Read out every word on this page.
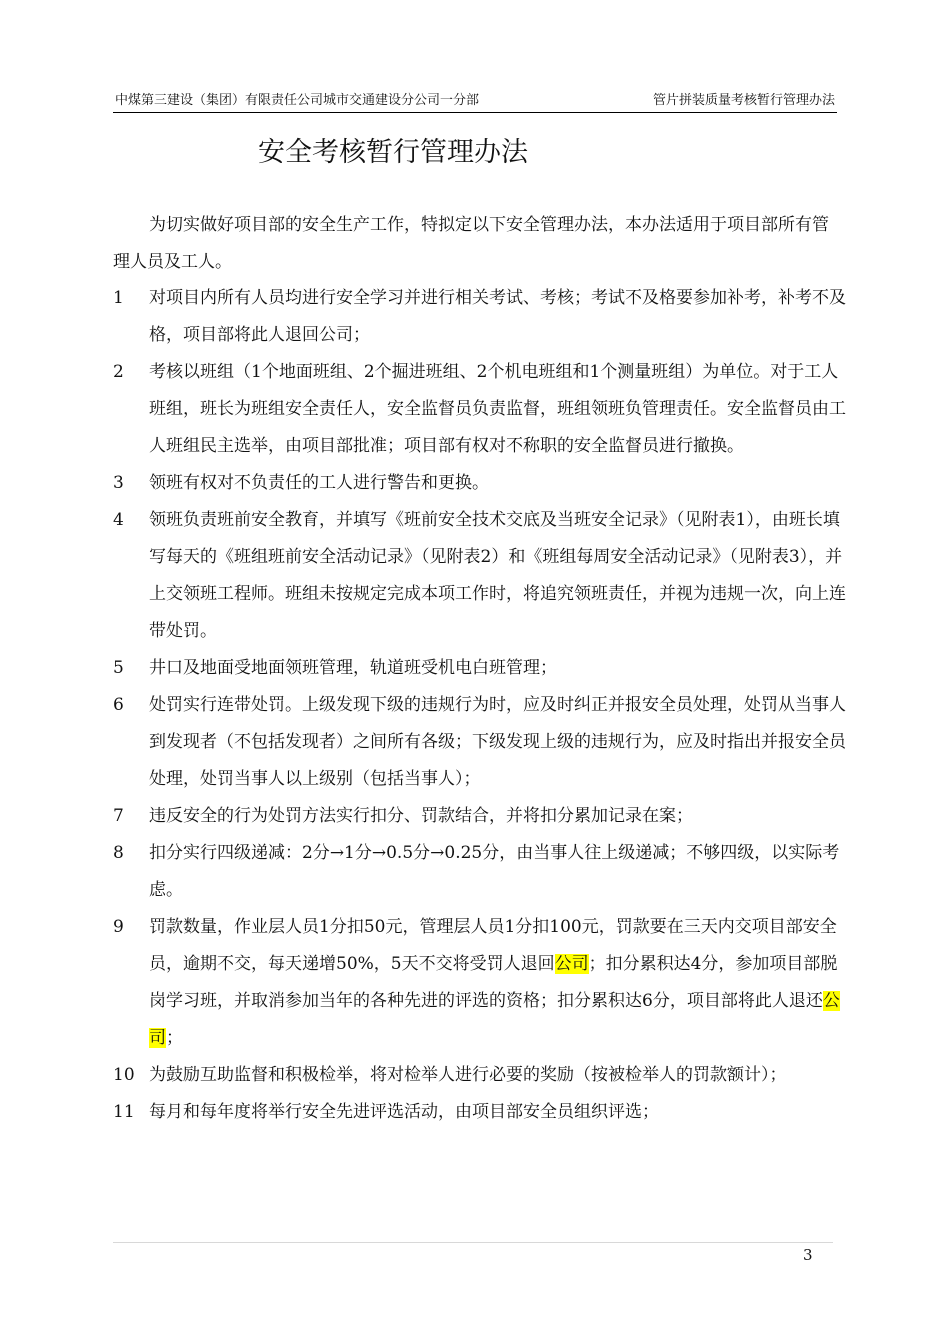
中煤第三建设（集团）有限责任公司城市交通建设分公司一分部	管片拼装质量考核暂行管理办法
安全考核暂行管理办法

为切实做好项目部的安全生产工作，特拟定以下安全管理办法，本办法适用于项目部所有管理人员及工人。

1	对项目内所有人员均进行安全学习并进行相关考试、考核；考试不及格要参加补考，补考不及格，项目部将此人退回公司；
2	考核以班组（1个地面班组、2个掘进班组、2个机电班组和1个测量班组）为单位。对于工人班组，班长为班组安全责任人，安全监督员负责监督，班组领班负管理责任。安全监督员由工人班组民主选举，由项目部批准；项目部有权对不称职的安全监督员进行撤换。
3	领班有权对不负责任的工人进行警告和更换。
4	领班负责班前安全教育，并填写《班前安全技术交底及当班安全记录》（见附表1），由班长填写每天的《班组班前安全活动记录》（见附表2）和《班组每周安全活动记录》（见附表3），并上交领班工程师。班组未按规定完成本项工作时，将追究领班责任，并视为违规一次，向上连带处罚。
5	井口及地面受地面领班管理，轨道班受机电白班管理；
6	处罚实行连带处罚。上级发现下级的违规行为时，应及时纠正并报安全员处理，处罚从当事人到发现者（不包括发现者）之间所有各级；下级发现上级的违规行为，应及时指出并报安全员处理，处罚当事人以上级别（包括当事人）；
7	违反安全的行为处罚方法实行扣分、罚款结合，并将扣分累加记录在案；
8	扣分实行四级递减：2分→1分→0.5分→0.25分，由当事人往上级递减；不够四级，以实际考虑。
9	罚款数量，作业层人员1分扣50元，管理层人员1分扣100元，罚款要在三天内交项目部安全员，逾期不交，每天递增50%，5天不交将受罚人退回公司；扣分累积达4分，参加项目部脱岗学习班，并取消参加当年的各种先进的评选的资格；扣分累积达6分，项目部将此人退还公司；
10 为鼓励互助监督和积极检举，将对检举人进行必要的奖励（按被检举人的罚款额计）；
11 每月和每年度将举行安全先进评选活动，由项目部安全员组织评选；
3
